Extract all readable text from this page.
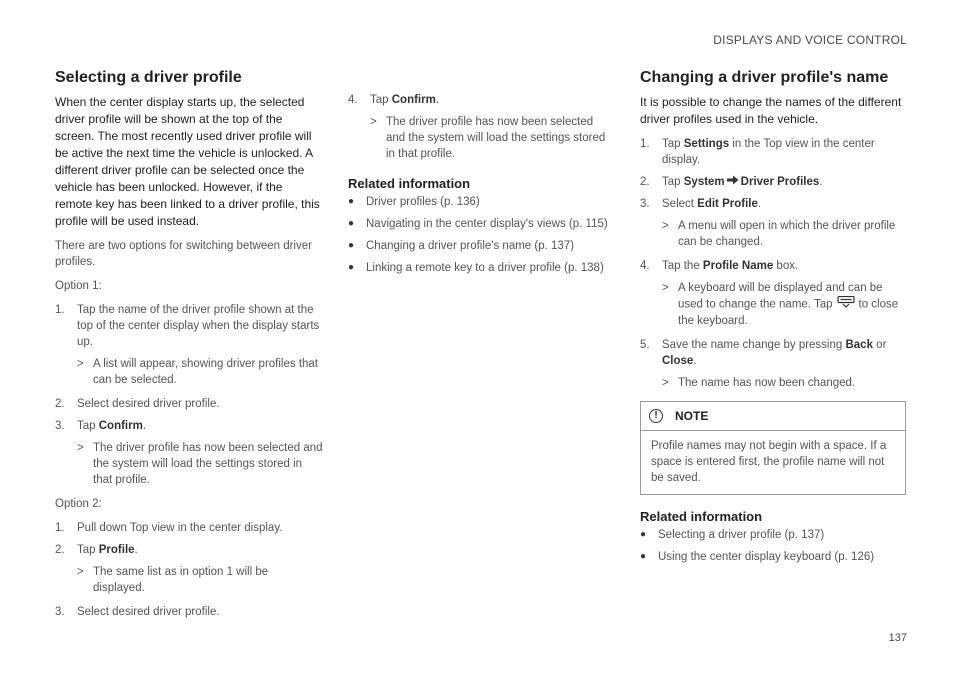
DISPLAYS AND VOICE CONTROL
Selecting a driver profile

When the center display starts up, the selected driver profile will be shown at the top of the screen. The most recently used driver profile will be active the next time the vehicle is unlocked. A different driver profile can be selected once the vehicle has been unlocked. However, if the remote key has been linked to a driver profile, this profile will be used instead.

There are two options for switching between driver profiles.

Option 1:

1.	Tap the name of the driver profile shown at the top of the center display when the display starts up.
> A list will appear, showing driver profiles that can be selected.
2.	Select desired driver profile.
3.	Tap Confirm.
> The driver profile has now been selected and the system will load the settings stored in that profile.

Option 2:

1.	Pull down Top view in the center display.
2.	Tap Profile.
> The same list as in option 1 will be displayed.
3.	Select desired driver profile.
4.	Tap Confirm.
> The driver profile has now been selected and the system will load the settings stored in that profile.
Related information
●	Driver profiles (p. 136)
●	Navigating in the center display's views (p. 115)
●	Changing a driver profile's name (p. 137)
●	Linking a remote key to a driver profile (p. 138)
Changing a driver profile's name

It is possible to change the names of the different driver profiles used in the vehicle.

1.	Tap Settings in the Top view in the center display.
2.	Tap System Driver Profiles.
3.	Select Edit Profile.
> A menu will open in which the driver profile can be changed.
4.	Tap the Profile Name box.
> A keyboard will be displayed and can be used to change the name. Tap to close the keyboard.
5.	Save the name change by pressing Back or Close.
> The name has now been changed.
!	NOTE
Profile names may not begin with a space. If a space is entered first, the profile name will not be saved.
Related information
●	Selecting a driver profile (p. 137)
●	Using the center display keyboard (p. 126)
137
